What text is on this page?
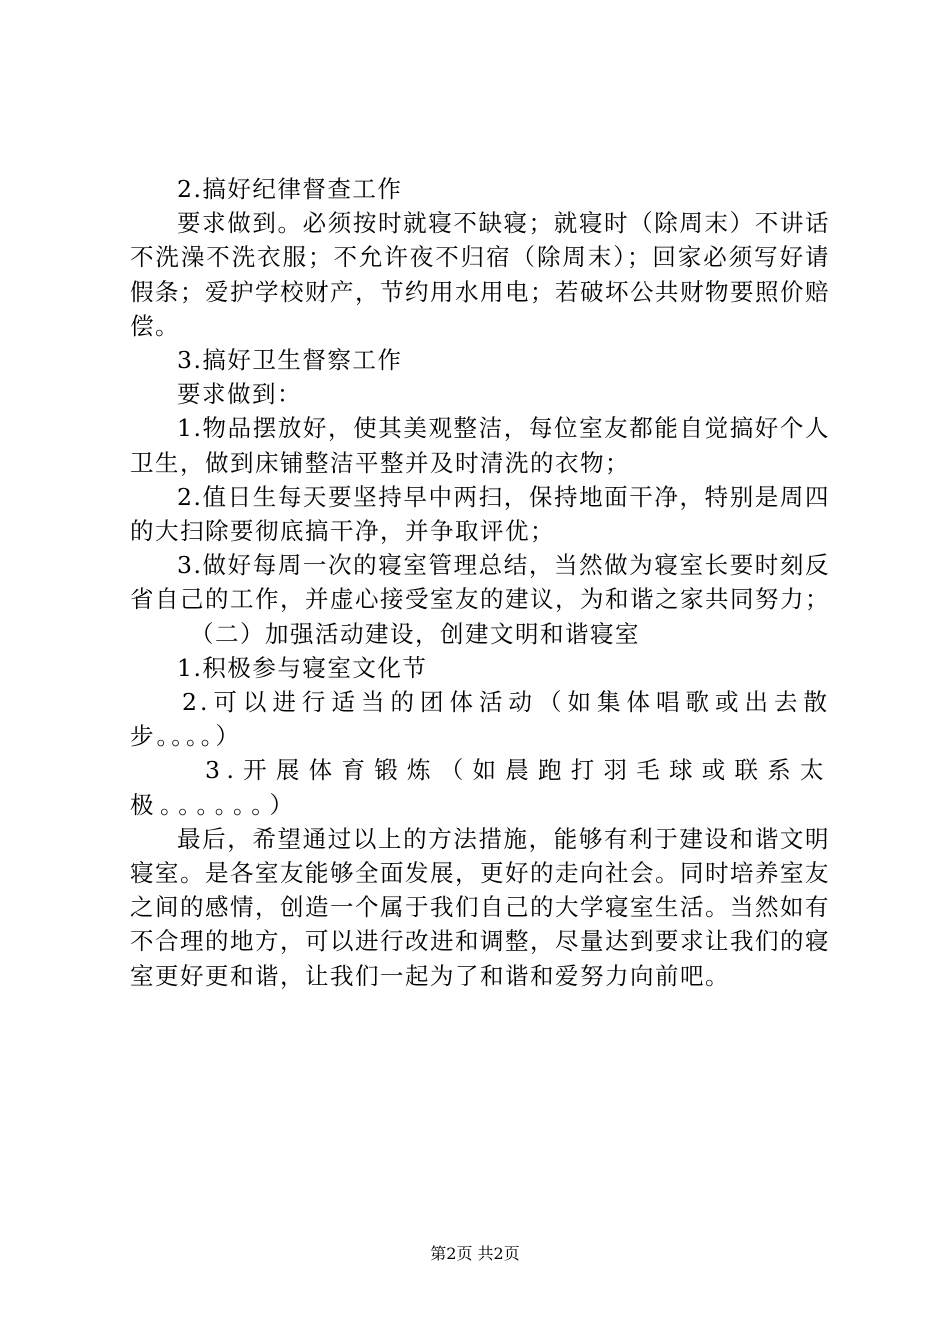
2.搞好纪律督查工作

要求做到。必须按时就寝不缺寝；就寝时（除周末）不讲话不洗澡不洗衣服；不允许夜不归宿（除周末）；回家必须写好请假条；爱护学校财产，节约用水用电；若破坏公共财物要照价赔偿。

3.搞好卫生督察工作

要求做到：

1.物品摆放好，使其美观整洁，每位室友都能自觉搞好个人卫生，做到床铺整洁平整并及时清洗的衣物；

2.值日生每天要坚持早中两扫，保持地面干净，特别是周四的大扫除要彻底搞干净，并争取评优；

3.做好每周一次的寝室管理总结，当然做为寝室长要时刻反省自己的工作，并虚心接受室友的建议，为和谐之家共同努力；

（二）加强活动建设，创建文明和谐寝室

1.积极参与寝室文化节

2.可以进行适当的团体活动（如集体唱歌或出去散步。。。。）

3.开展体育锻炼（如晨跑打羽毛球或联系太极。。。。。。）

最后，希望通过以上的方法措施，能够有利于建设和谐文明寝室。是各室友能够全面发展，更好的走向社会。同时培养室友之间的感情，创造一个属于我们自己的大学寝室生活。当然如有不合理的地方，可以进行改进和调整，尽量达到要求让我们的寝室更好更和谐，让我们一起为了和谐和爱努力向前吧。

第2页 共2页
